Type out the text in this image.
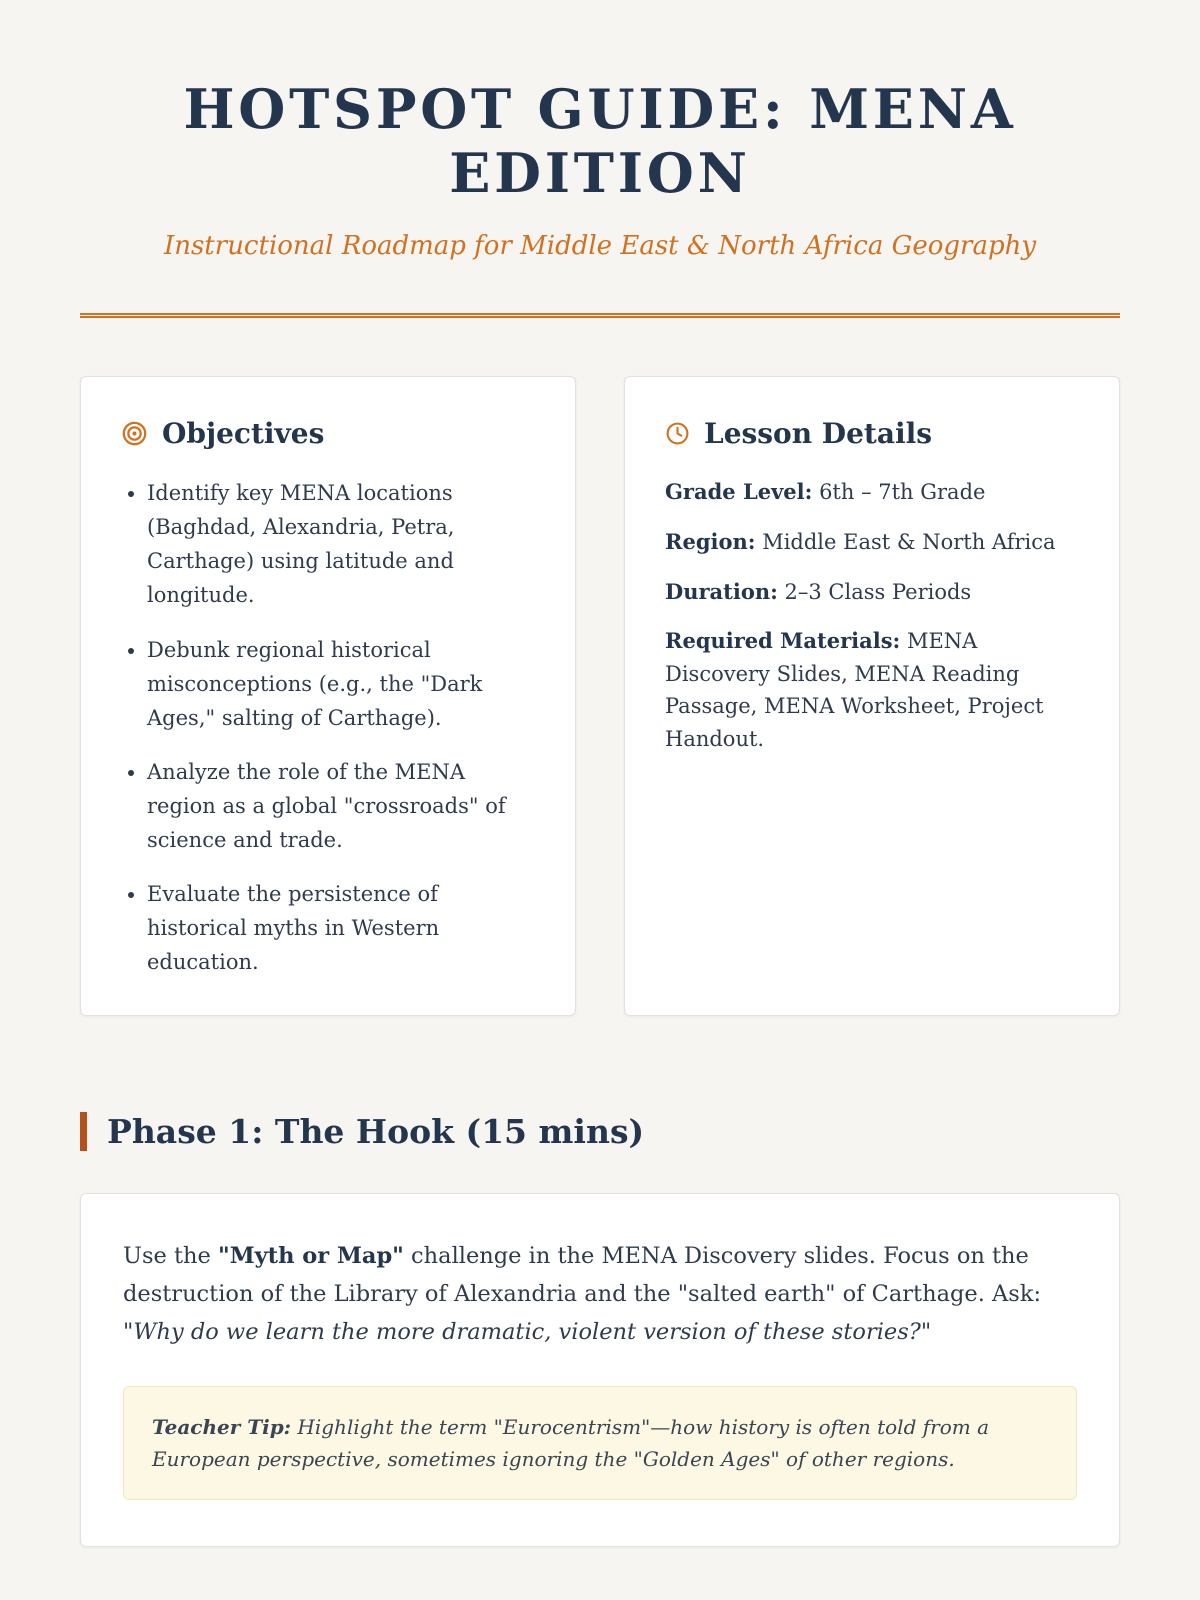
HOTSPOT GUIDE: MENA EDITION
Instructional Roadmap for Middle East & North Africa Geography
Objectives
• Identify key MENA locations (Baghdad, Alexandria, Petra, Carthage) using latitude and longitude.
• Debunk regional historical misconceptions (e.g., the "Dark Ages," salting of Carthage).
• Analyze the role of the MENA region as a global "crossroads" of science and trade.
• Evaluate the persistence of historical myths in Western education.
Lesson Details

Grade Level: 6th – 7th Grade

Region: Middle East & North Africa

Duration: 2–3 Class Periods

Required Materials: MENA Discovery Slides, MENA Reading Passage, MENA Worksheet, Project Handout.

Phase 1: The Hook (15 mins)

Use the "Myth or Map" challenge in the MENA Discovery slides. Focus on the destruction of the Library of Alexandria and the "salted earth" of Carthage. Ask: "Why do we learn the more dramatic, violent version of these stories?"

Teacher Tip: Highlight the term "Eurocentrism"—how history is often told from a European perspective, sometimes ignoring the "Golden Ages" of other regions.
